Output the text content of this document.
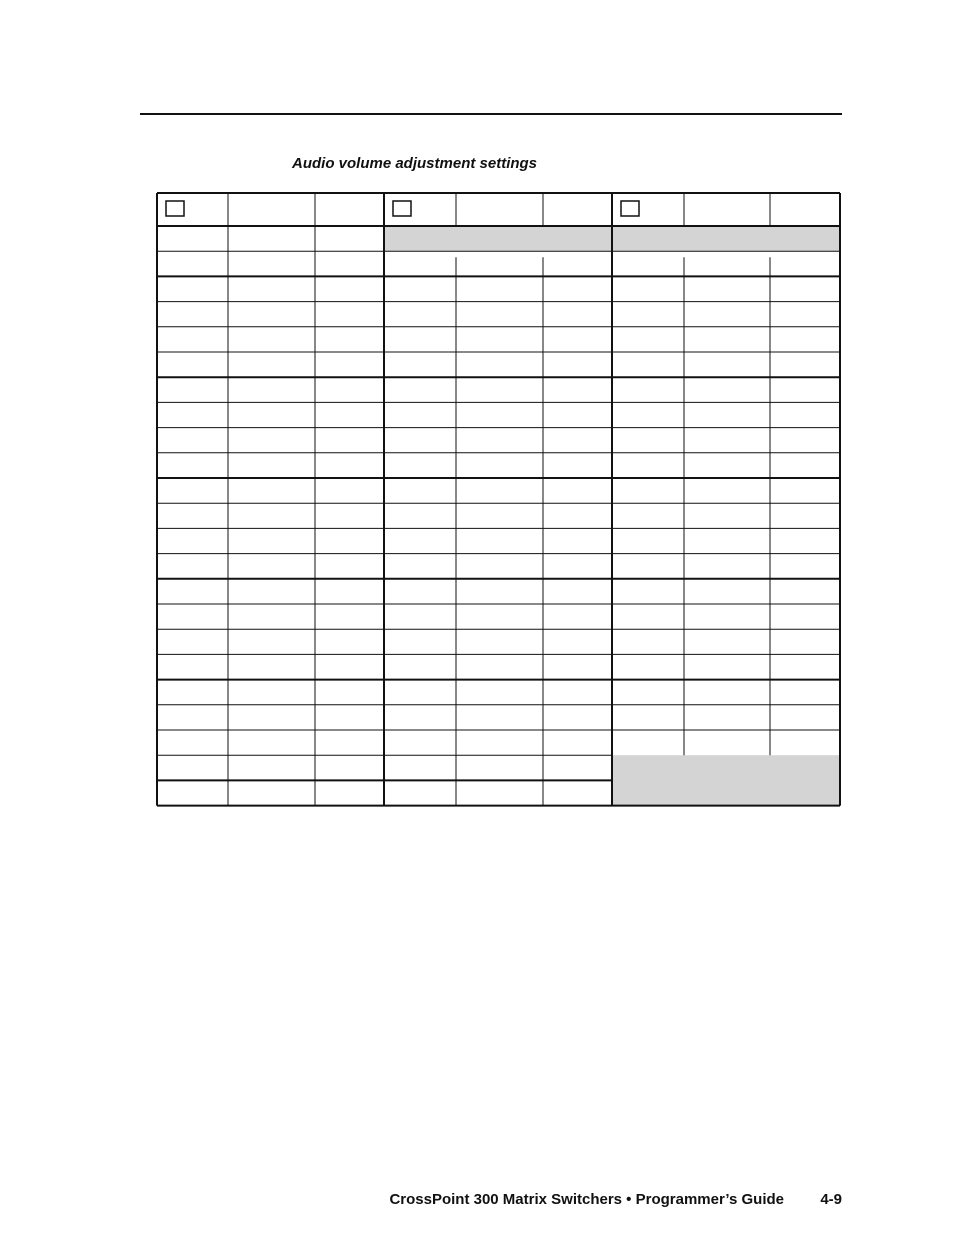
Audio volume adjustment settings
CrossPoint 300 Matrix Switchers • Programmer’s Guide 4-9
